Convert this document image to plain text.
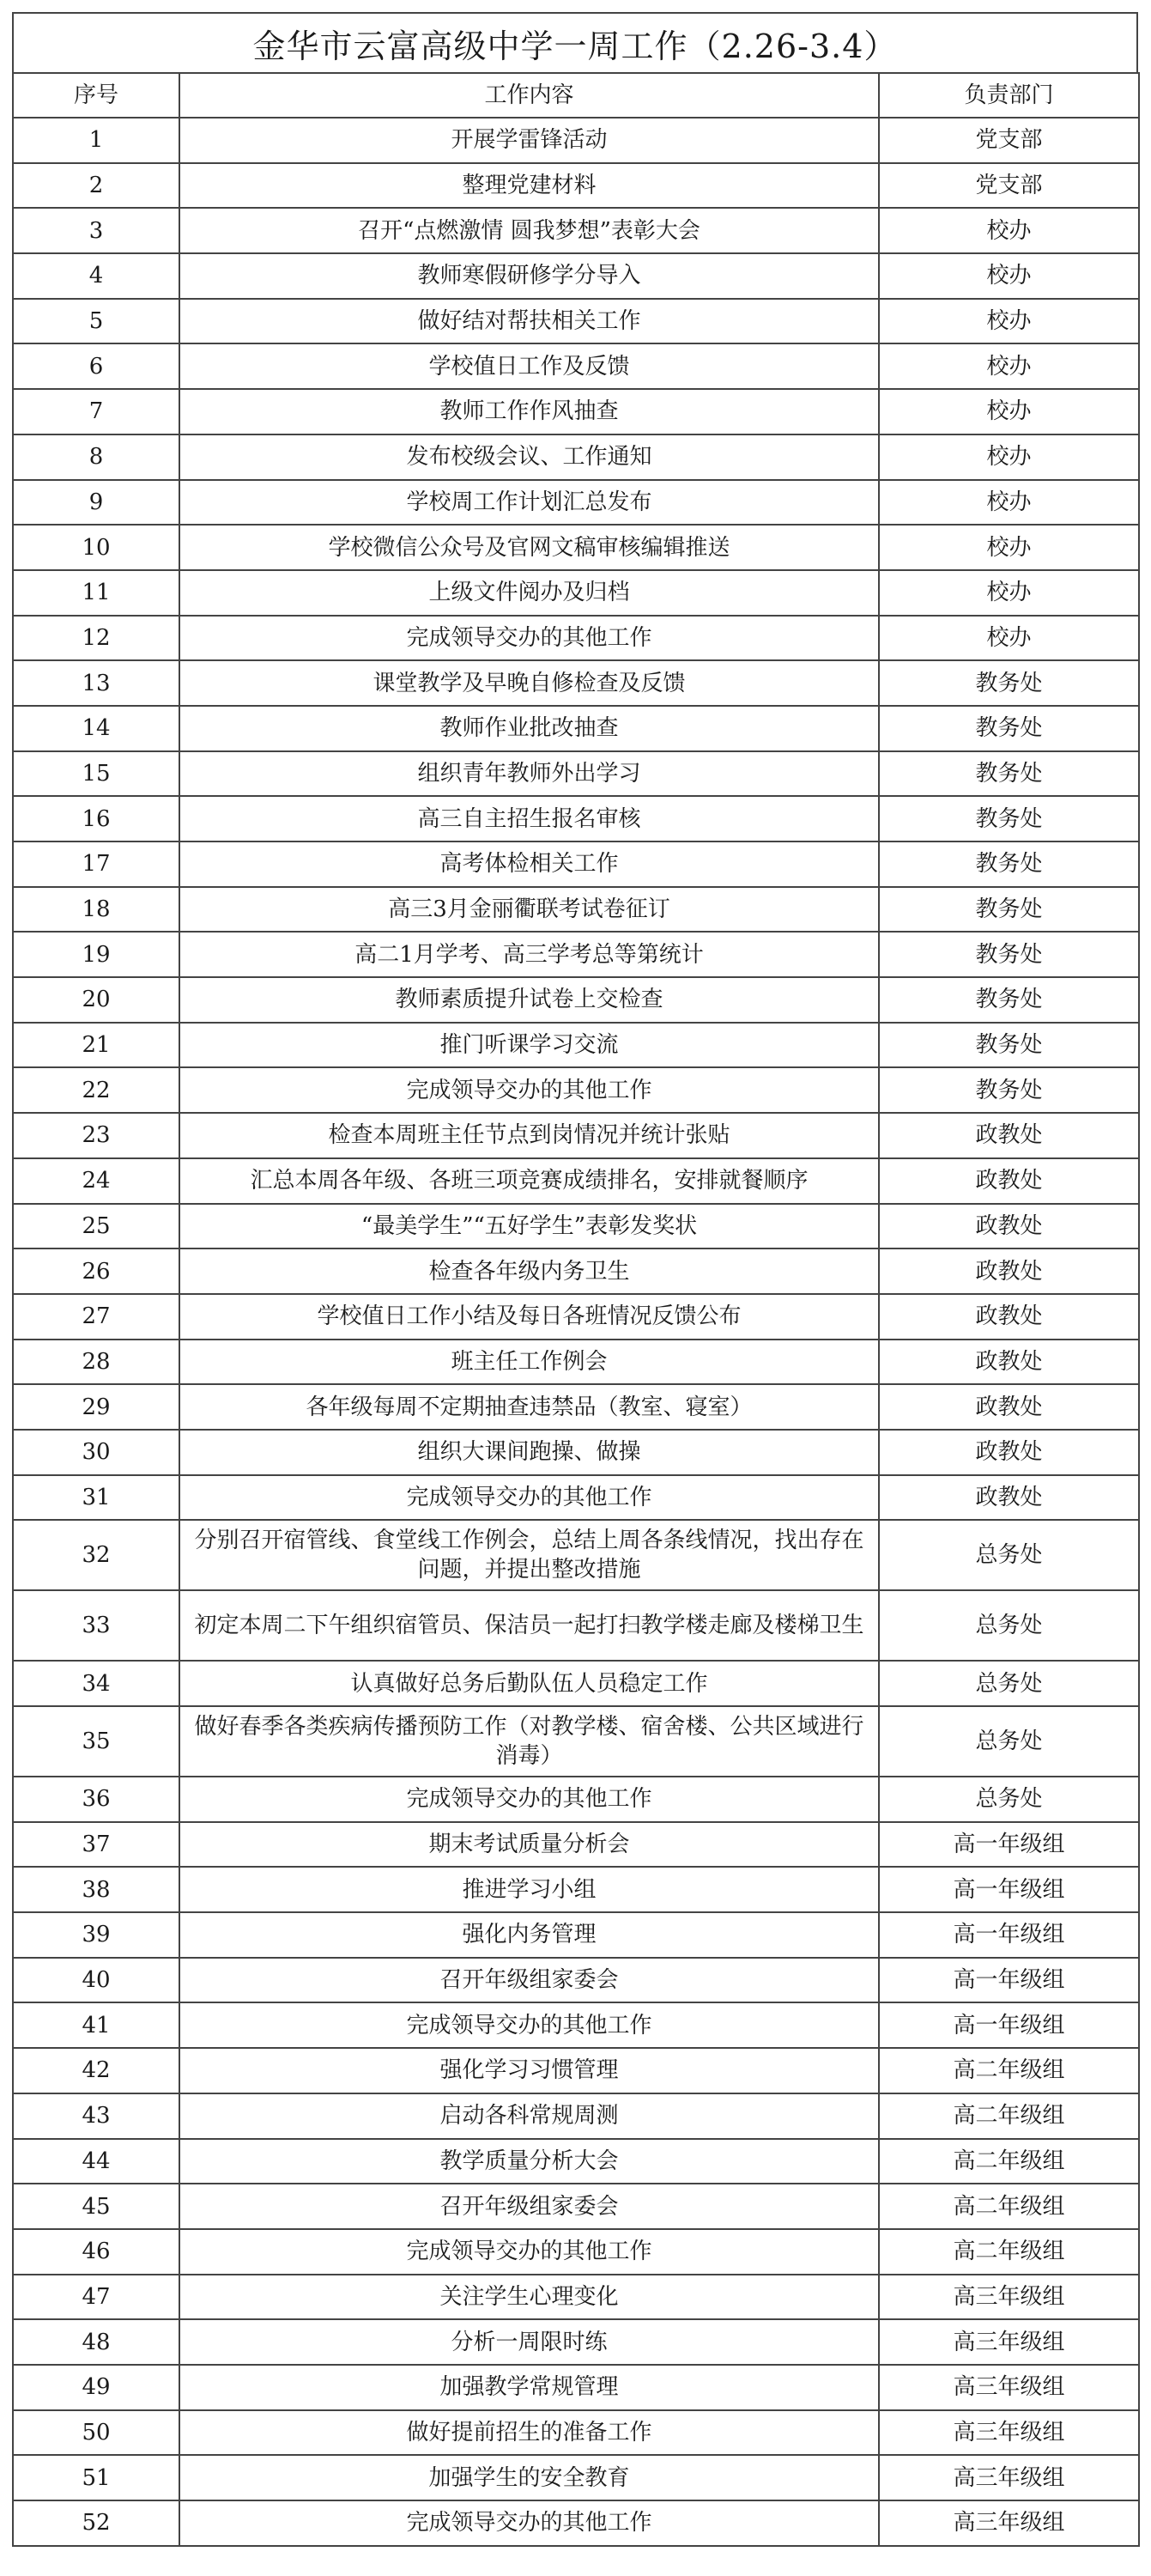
金华市云富高级中学一周工作（2.26-3.4）
序号	工作内容	负责部门
1	开展学雷锋活动	党支部
2	整理党建材料	党支部
3	召开“点燃激情 圆我梦想”表彰大会	校办
4	教师寒假研修学分导入	校办
5	做好结对帮扶相关工作	校办
6	学校值日工作及反馈	校办
7	教师工作作风抽查	校办
8	发布校级会议、工作通知	校办
9	学校周工作计划汇总发布	校办
10	学校微信公众号及官网文稿审核编辑推送	校办
11	上级文件阅办及归档	校办
12	完成领导交办的其他工作	校办
13	课堂教学及早晚自修检查及反馈	教务处
14	教师作业批改抽查	教务处
15	组织青年教师外出学习	教务处
16	高三自主招生报名审核	教务处
17	高考体检相关工作	教务处
18	高三3月金丽衢联考试卷征订	教务处
19	高二1月学考、高三学考总等第统计	教务处
20	教师素质提升试卷上交检查	教务处
21	推门听课学习交流	教务处
22	完成领导交办的其他工作	教务处
23	检查本周班主任节点到岗情况并统计张贴	政教处
24	汇总本周各年级、各班三项竞赛成绩排名，安排就餐顺序	政教处
25	“最美学生”“五好学生”表彰发奖状	政教处
26	检查各年级内务卫生	政教处
27	学校值日工作小结及每日各班情况反馈公布	政教处
28	班主任工作例会	政教处
29	各年级每周不定期抽查违禁品（教室、寝室）	政教处
30	组织大课间跑操、做操	政教处
31	完成领导交办的其他工作	政教处
32	分别召开宿管线、食堂线工作例会，总结上周各条线情况，找出存在问题，并提出整改措施	总务处
33	初定本周二下午组织宿管员、保洁员一起打扫教学楼走廊及楼梯卫生	总务处
34	认真做好总务后勤队伍人员稳定工作	总务处
35	做好春季各类疾病传播预防工作（对教学楼、宿舍楼、公共区域进行消毒）	总务处
36	完成领导交办的其他工作	总务处
37	期末考试质量分析会	高一年级组
38	推进学习小组	高一年级组
39	强化内务管理	高一年级组
40	召开年级组家委会	高一年级组
41	完成领导交办的其他工作	高一年级组
42	强化学习习惯管理	高二年级组
43	启动各科常规周测	高二年级组
44	教学质量分析大会	高二年级组
45	召开年级组家委会	高二年级组
46	完成领导交办的其他工作	高二年级组
47	关注学生心理变化	高三年级组
48	分析一周限时练	高三年级组
49	加强教学常规管理	高三年级组
50	做好提前招生的准备工作	高三年级组
51	加强学生的安全教育	高三年级组
52	完成领导交办的其他工作	高三年级组
